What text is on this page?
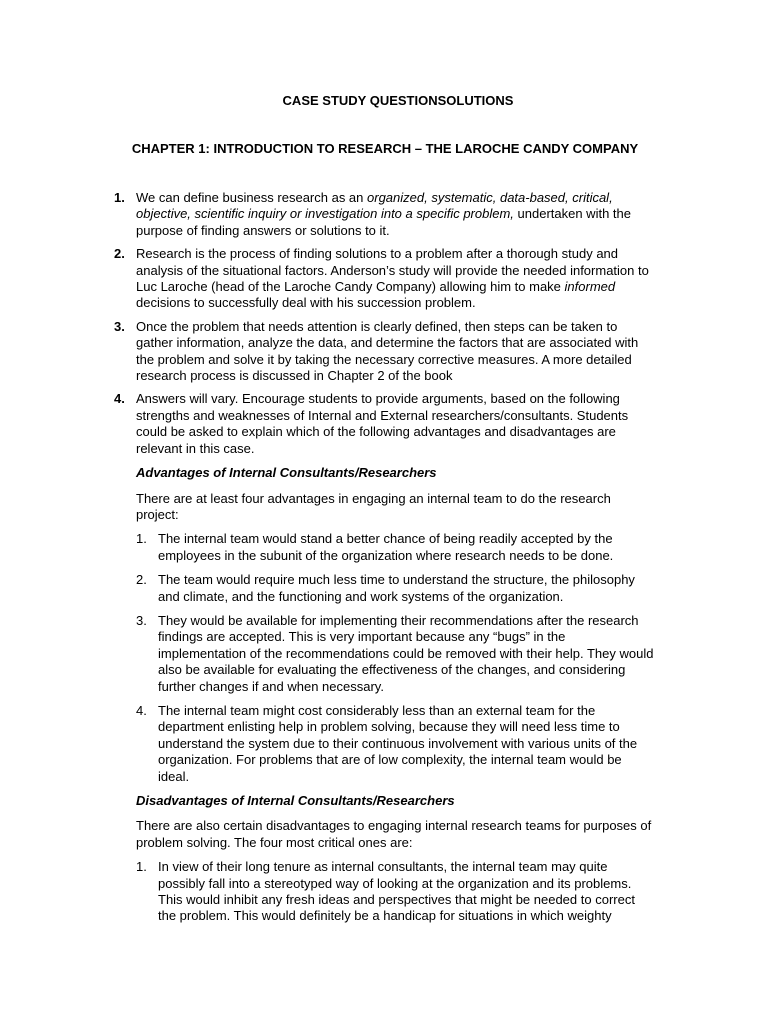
CASE STUDY QUESTIONSOLUTIONS
CHAPTER 1: INTRODUCTION TO RESEARCH – THE LAROCHE CANDY COMPANY
1. We can define business research as an organized, systematic, data-based, critical, objective, scientific inquiry or investigation into a specific problem, undertaken with the purpose of finding answers or solutions to it.

2. Research is the process of finding solutions to a problem after a thorough study and analysis of the situational factors. Anderson’s study will provide the needed information to Luc Laroche (head of the Laroche Candy Company) allowing him to make informed decisions to successfully deal with his succession problem.

3. Once the problem that needs attention is clearly defined, then steps can be taken to gather information, analyze the data, and determine the factors that are associated with the problem and solve it by taking the necessary corrective measures. A more detailed research process is discussed in Chapter 2 of the book

4. Answers will vary. Encourage students to provide arguments, based on the following strengths and weaknesses of Internal and External researchers/consultants. Students could be asked to explain which of the following advantages and disadvantages are relevant in this case.

Advantages of Internal Consultants/Researchers

There are at least four advantages in engaging an internal team to do the research project:

1. The internal team would stand a better chance of being readily accepted by the employees in the subunit of the organization where research needs to be done.

2. The team would require much less time to understand the structure, the philosophy and climate, and the functioning and work systems of the organization.

3. They would be available for implementing their recommendations after the research findings are accepted. This is very important because any “bugs” in the implementation of the recommendations could be removed with their help. They would also be available for evaluating the effectiveness of the changes, and considering further changes if and when necessary.

4. The internal team might cost considerably less than an external team for the department enlisting help in problem solving, because they will need less time to understand the system due to their continuous involvement with various units of the organization. For problems that are of low complexity, the internal team would be ideal.

Disadvantages of Internal Consultants/Researchers

There are also certain disadvantages to engaging internal research teams for purposes of problem solving. The four most critical ones are:

1. In view of their long tenure as internal consultants, the internal team may quite possibly fall into a stereotyped way of looking at the organization and its problems. This would inhibit any fresh ideas and perspectives that might be needed to correct the problem. This would definitely be a handicap for situations in which weighty
